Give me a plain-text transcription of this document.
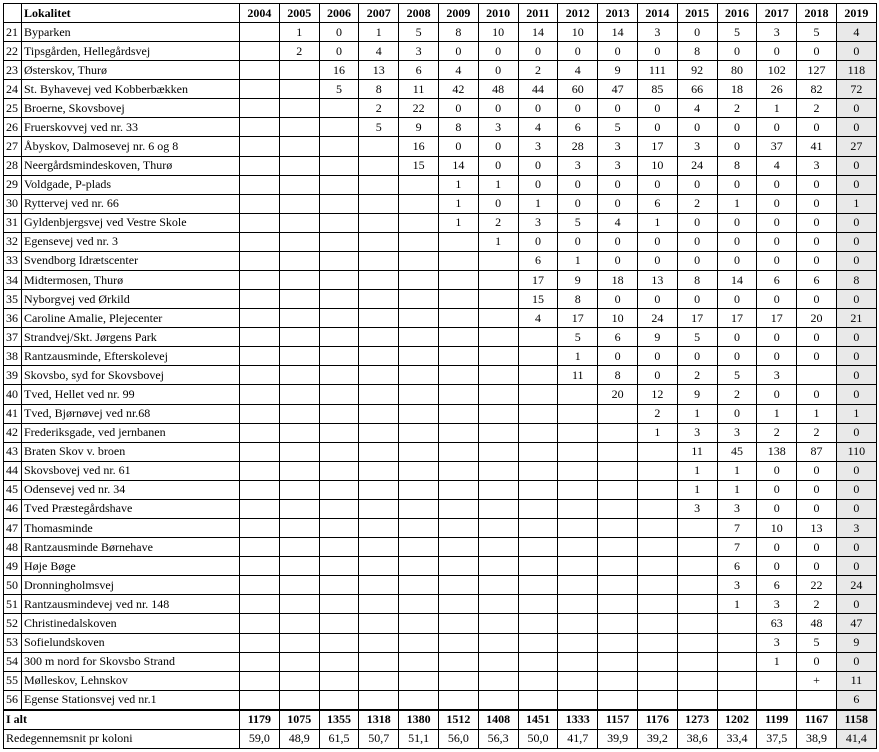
	Lokalitet	2004	2005	2006	2007	2008	2009	2010	2011	2012	2013	2014	2015	2016	2017	2018	2019
21	Byparken		1	0	1	5	8	10	14	10	14	3	0	5	3	5	4
22	Tipsgården, Hellegårdsvej		2	0	4	3	0	0	0	0	0	0	8	0	0	0	0
23	Østerskov, Thurø			16	13	6	4	0	2	4	9	111	92	80	102	127	118
24	St. Byhavevej ved Kobberbækken			5	8	11	42	48	44	60	47	85	66	18	26	82	72
25	Broerne, Skovsbovej				2	22	0	0	0	0	0	0	4	2	1	2	0
26	Fruerskovvej ved nr. 33				5	9	8	3	4	6	5	0	0	0	0	0	0
27	Åbyskov, Dalmosevej nr. 6 og 8					16	0	0	3	28	3	17	3	0	37	41	27
28	Neergårdsmindeskoven, Thurø					15	14	0	0	3	3	10	24	8	4	3	0
29	Voldgade, P-plads						1	1	0	0	0	0	0	0	0	0	0
30	Ryttervej ved nr. 66						1	0	1	0	0	6	2	1	0	0	1
31	Gyldenbjergsvej ved Vestre Skole						1	2	3	5	4	1	0	0	0	0	0
32	Egensevej ved nr. 3							1	0	0	0	0	0	0	0	0	0
33	Svendborg Idrætscenter								6	1	0	0	0	0	0	0	0
34	Midtermosen, Thurø								17	9	18	13	8	14	6	6	8
35	Nyborgvej ved Ørkild								15	8	0	0	0	0	0	0	0
36	Caroline Amalie, Plejecenter								4	17	10	24	17	17	17	20	21
37	Strandvej/Skt. Jørgens Park									5	6	9	5	0	0	0	0
38	Rantzausminde, Efterskolevej									1	0	0	0	0	0	0	0
39	Skovsbo, syd for Skovsbovej									11	8	0	2	5	3		0
40	Tved, Hellet ved nr. 99										20	12	9	2	0	0	0
41	Tved, Bjørnøvej ved nr.68											2	1	0	1	1	1
42	Frederiksgade, ved jernbanen											1	3	3	2	2	0
43	Braten Skov v. broen												11	45	138	87	110
44	Skovsbovej ved nr. 61												1	1	0	0	0
45	Odensevej ved nr. 34												1	1	0	0	0
46	Tved Præstegårdshave												3	3	0	0	0
47	Thomasminde													7	10	13	3
48	Rantzausminde Børnehave													7	0	0	0
49	Høje Bøge													6	0	0	0
50	Dronningholmsvej													3	6	22	24
51	Rantzausmindevej ved nr. 148													1	3	2	0
52	Christinedalskoven														63	48	47
53	Sofielundskoven														3	5	9
54	300 m nord for Skovsbo Strand														1	0	0
55	Mølleskov, Lehnskov															+	11
56	Egense Stationsvej ved nr.1																6
I alt		1179	1075	1355	1318	1380	1512	1408	1451	1333	1157	1176	1273	1202	1199	1167	1158
Redegennemsnit pr koloni		59,0	48,9	61,5	50,7	51,1	56,0	56,3	50,0	41,7	39,9	39,2	38,6	33,4	37,5	38,9	41,4
